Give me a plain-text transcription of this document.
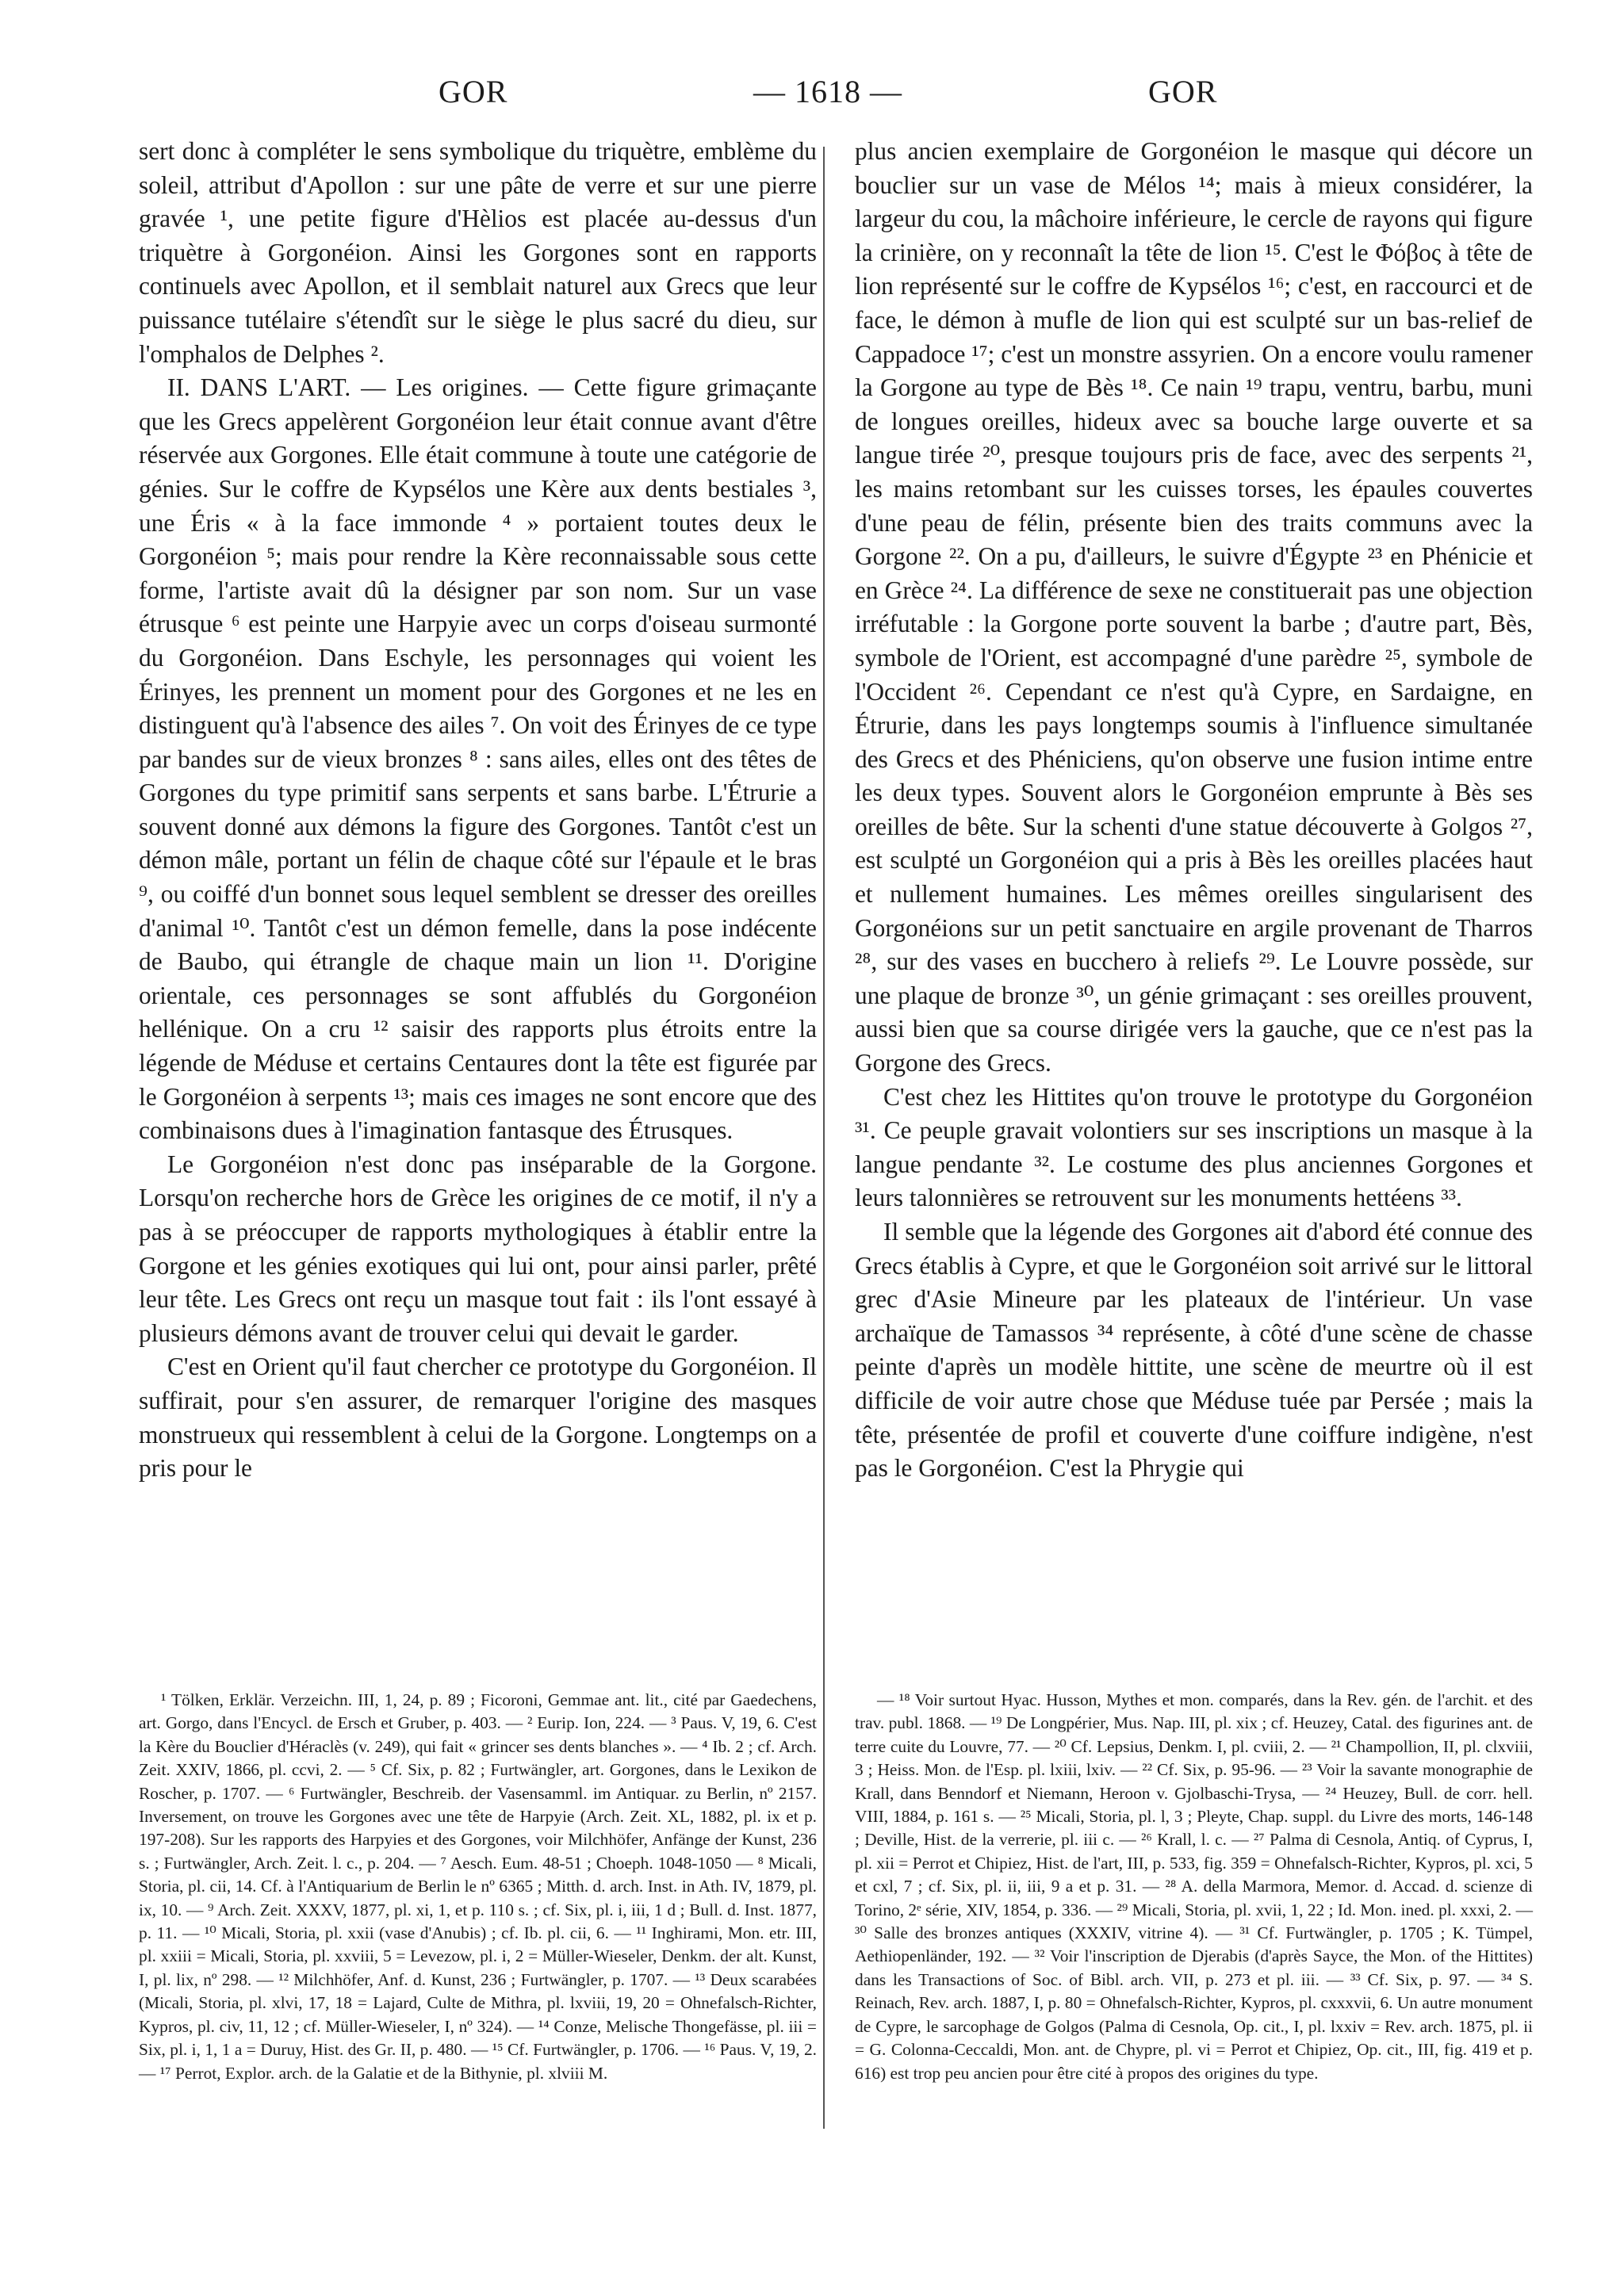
GOR	— 1618 —	GOR

sert donc à compléter le sens symbolique du triquètre, emblème du soleil, attribut d'Apollon : sur une pâte de verre et sur une pierre gravée ¹, une petite figure d'Hèlios est placée au-dessus d'un triquètre à Gorgonéion. Ainsi les Gorgones sont en rapports continuels avec Apollon, et il semblait naturel aux Grecs que leur puissance tutélaire s'étendît sur le siège le plus sacré du dieu, sur l'omphalos de Delphes ².

II. DANS L'ART. — Les origines. — Cette figure grimaçante que les Grecs appelèrent Gorgonéion leur était connue avant d'être réservée aux Gorgones. Elle était commune à toute une catégorie de génies. Sur le coffre de Kypsélos une Kère aux dents bestiales ³, une Éris « à la face immonde ⁴ » portaient toutes deux le Gorgonéion ⁵; mais pour rendre la Kère reconnaissable sous cette forme, l'artiste avait dû la désigner par son nom. Sur un vase étrusque ⁶ est peinte une Harpyie avec un corps d'oiseau surmonté du Gorgonéion. Dans Eschyle, les personnages qui voient les Érinyes, les prennent un moment pour des Gorgones et ne les en distinguent qu'à l'absence des ailes ⁷. On voit des Érinyes de ce type par bandes sur de vieux bronzes ⁸ : sans ailes, elles ont des têtes de Gorgones du type primitif sans serpents et sans barbe. L'Étrurie a souvent donné aux démons la figure des Gorgones. Tantôt c'est un démon mâle, portant un félin de chaque côté sur l'épaule et le bras ⁹, ou coiffé d'un bonnet sous lequel semblent se dresser des oreilles d'animal ¹⁰. Tantôt c'est un démon femelle, dans la pose indécente de Baubo, qui étrangle de chaque main un lion ¹¹. D'origine orientale, ces personnages se sont affublés du Gorgonéion hellénique. On a cru ¹² saisir des rapports plus étroits entre la légende de Méduse et certains Centaures dont la tête est figurée par le Gorgonéion à serpents ¹³; mais ces images ne sont encore que des combinaisons dues à l'imagination fantasque des Étrusques.

Le Gorgonéion n'est donc pas inséparable de la Gorgone. Lorsqu'on recherche hors de Grèce les origines de ce motif, il n'y a pas à se préoccuper de rapports mythologiques à établir entre la Gorgone et les génies exotiques qui lui ont, pour ainsi parler, prêté leur tête. Les Grecs ont reçu un masque tout fait : ils l'ont essayé à plusieurs démons avant de trouver celui qui devait le garder.

C'est en Orient qu'il faut chercher ce prototype du Gorgonéion. Il suffirait, pour s'en assurer, de remarquer l'origine des masques monstrueux qui ressemblent à celui de la Gorgone. Longtemps on a pris pour le

plus ancien exemplaire de Gorgonéion le masque qui décore un bouclier sur un vase de Mélos ¹⁴; mais à mieux considérer, la largeur du cou, la mâchoire inférieure, le cercle de rayons qui figure la crinière, on y reconnaît la tête de lion ¹⁵. C'est le Φόβος à tête de lion représenté sur le coffre de Kypsélos ¹⁶; c'est, en raccourci et de face, le démon à mufle de lion qui est sculpté sur un bas-relief de Cappadoce ¹⁷; c'est un monstre assyrien. On a encore voulu ramener la Gorgone au type de Bès ¹⁸. Ce nain ¹⁹ trapu, ventru, barbu, muni de longues oreilles, hideux avec sa bouche large ouverte et sa langue tirée ²⁰, presque toujours pris de face, avec des serpents ²¹, les mains retombant sur les cuisses torses, les épaules couvertes d'une peau de félin, présente bien des traits communs avec la Gorgone ²². On a pu, d'ailleurs, le suivre d'Égypte ²³ en Phénicie et en Grèce ²⁴. La différence de sexe ne constituerait pas une objection irréfutable : la Gorgone porte souvent la barbe ; d'autre part, Bès, symbole de l'Orient, est accompagné d'une parèdre ²⁵, symbole de l'Occident ²⁶. Cependant ce n'est qu'à Cypre, en Sardaigne, en Étrurie, dans les pays longtemps soumis à l'influence simultanée des Grecs et des Phéniciens, qu'on observe une fusion intime entre les deux types. Souvent alors le Gorgonéion emprunte à Bès ses oreilles de bête. Sur la schenti d'une statue découverte à Golgos ²⁷, est sculpté un Gorgonéion qui a pris à Bès les oreilles placées haut et nullement humaines. Les mêmes oreilles singularisent des Gorgonéions sur un petit sanctuaire en argile provenant de Tharros ²⁸, sur des vases en bucchero à reliefs ²⁹. Le Louvre possède, sur une plaque de bronze ³⁰, un génie grimaçant : ses oreilles prouvent, aussi bien que sa course dirigée vers la gauche, que ce n'est pas la Gorgone des Grecs.

C'est chez les Hittites qu'on trouve le prototype du Gorgonéion ³¹. Ce peuple gravait volontiers sur ses inscriptions un masque à la langue pendante ³². Le costume des plus anciennes Gorgones et leurs talonnières se retrouvent sur les monuments hettéens ³³.

Il semble que la légende des Gorgones ait d'abord été connue des Grecs établis à Cypre, et que le Gorgonéion soit arrivé sur le littoral grec d'Asie Mineure par les plateaux de l'intérieur. Un vase archaïque de Tamassos ³⁴ représente, à côté d'une scène de chasse peinte d'après un modèle hittite, une scène de meurtre où il est difficile de voir autre chose que Méduse tuée par Persée ; mais la tête, présentée de profil et couverte d'une coiffure indigène, n'est pas le Gorgonéion. C'est la Phrygie qui

¹ Tölken, Erklär. Verzeichn. III, 1, 24, p. 89 ; Ficoroni, Gemmae ant. lit., cité par Gaedechens, art. Gorgo, dans l'Encycl. de Ersch et Gruber, p. 403. — ² Eurip. Ion, 224. — ³ Paus. V, 19, 6. C'est la Kère du Bouclier d'Héraclès (v. 249), qui fait « grincer ses dents blanches ». — ⁴ Ib. 2 ; cf. Arch. Zeit. XXIV, 1866, pl. ccvi, 2. — ⁵ Cf. Six, p. 82 ; Furtwängler, art. Gorgones, dans le Lexikon de Roscher, p. 1707. — ⁶ Furtwängler, Beschreib. der Vasensamml. im Antiquar. zu Berlin, nº 2157. Inversement, on trouve les Gorgones avec une tête de Harpyie (Arch. Zeit. XL, 1882, pl. ix et p. 197-208). Sur les rapports des Harpyies et des Gorgones, voir Milchhöfer, Anfänge der Kunst, 236 s. ; Furtwängler, Arch. Zeit. l. c., p. 204. — ⁷ Aesch. Eum. 48-51 ; Choeph. 1048-1050 — ⁸ Micali, Storia, pl. cii, 14. Cf. à l'Antiquarium de Berlin le nº 6365 ; Mitth. d. arch. Inst. in Ath. IV, 1879, pl. ix, 10. — ⁹ Arch. Zeit. XXXV, 1877, pl. xi, 1, et p. 110 s. ; cf. Six, pl. i, iii, 1 d ; Bull. d. Inst. 1877, p. 11. — ¹⁰ Micali, Storia, pl. xxii (vase d'Anubis) ; cf. Ib. pl. cii, 6. — ¹¹ Inghirami, Mon. etr. III, pl. xxiii = Micali, Storia, pl. xxviii, 5 = Levezow, pl. i, 2 = Müller-Wieseler, Denkm. der alt. Kunst, I, pl. lix, nº 298. — ¹² Milchhöfer, Anf. d. Kunst, 236 ; Furtwängler, p. 1707. — ¹³ Deux scarabées (Micali, Storia, pl. xlvi, 17, 18 = Lajard, Culte de Mithra, pl. lxviii, 19, 20 = Ohnefalsch-Richter, Kypros, pl. civ, 11, 12 ; cf. Müller-Wieseler, I, nº 324). — ¹⁴ Conze, Melische Thongefässe, pl. iii = Six, pl. i, 1, 1 a = Duruy, Hist. des Gr. II, p. 480. — ¹⁵ Cf. Furtwängler, p. 1706. — ¹⁶ Paus. V, 19, 2. — ¹⁷ Perrot, Explor. arch. de la Galatie et de la Bithynie, pl. xlviii M.

— ¹⁸ Voir surtout Hyac. Husson, Mythes et mon. comparés, dans la Rev. gén. de l'archit. et des trav. publ. 1868. — ¹⁹ De Longpérier, Mus. Nap. III, pl. xix ; cf. Heuzey, Catal. des figurines ant. de terre cuite du Louvre, 77. — ²⁰ Cf. Lepsius, Denkm. I, pl. cviii, 2. — ²¹ Champollion, II, pl. clxviii, 3 ; Heiss. Mon. de l'Esp. pl. lxiii, lxiv. — ²² Cf. Six, p. 95-96. — ²³ Voir la savante monographie de Krall, dans Benndorf et Niemann, Heroon v. Gjolbaschi-Trysa, — ²⁴ Heuzey, Bull. de corr. hell. VIII, 1884, p. 161 s. — ²⁵ Micali, Storia, pl. l, 3 ; Pleyte, Chap. suppl. du Livre des morts, 146-148 ; Deville, Hist. de la verrerie, pl. iii c. — ²⁶ Krall, l. c. — ²⁷ Palma di Cesnola, Antiq. of Cyprus, I, pl. xii = Perrot et Chipiez, Hist. de l'art, III, p. 533, fig. 359 = Ohnefalsch-Richter, Kypros, pl. xci, 5 et cxl, 7 ; cf. Six, pl. ii, iii, 9 a et p. 31. — ²⁸ A. della Marmora, Memor. d. Accad. d. scienze di Torino, 2ᵉ série, XIV, 1854, p. 336. — ²⁹ Micali, Storia, pl. xvii, 1, 22 ; Id. Mon. ined. pl. xxxi, 2. — ³⁰ Salle des bronzes antiques (XXXIV, vitrine 4). — ³¹ Cf. Furtwängler, p. 1705 ; K. Tümpel, Aethiopenländer, 192. — ³² Voir l'inscription de Djerabis (d'après Sayce, the Mon. of the Hittites) dans les Transactions of Soc. of Bibl. arch. VII, p. 273 et pl. iii. — ³³ Cf. Six, p. 97. — ³⁴ S. Reinach, Rev. arch. 1887, I, p. 80 = Ohnefalsch-Richter, Kypros, pl. cxxxvii, 6. Un autre monument de Cypre, le sarcophage de Golgos (Palma di Cesnola, Op. cit., I, pl. lxxiv = Rev. arch. 1875, pl. ii = G. Colonna-Ceccaldi, Mon. ant. de Chypre, pl. vi = Perrot et Chipiez, Op. cit., III, fig. 419 et p. 616) est trop peu ancien pour être cité à propos des origines du type.
